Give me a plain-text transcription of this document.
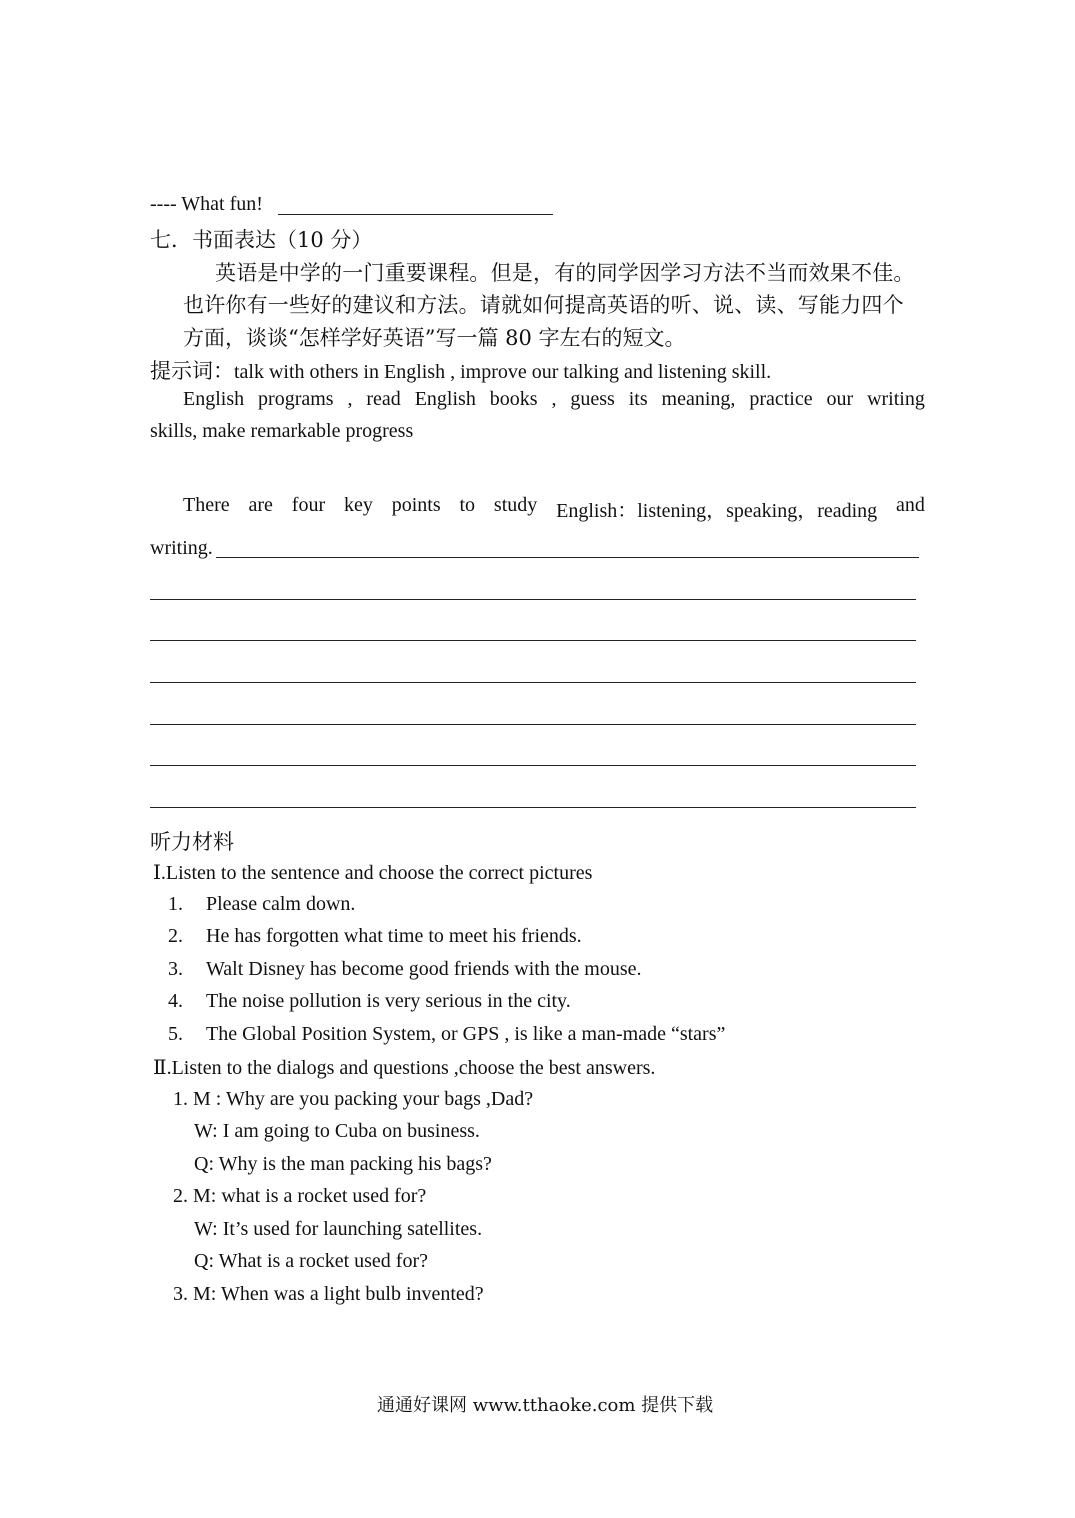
---- What fun!
七．书面表达（10 分）
英语是中学的一门重要课程。但是，有的同学因学习方法不当而效果不佳。
也许你有一些好的建议和方法。请就如何提高英语的听、说、读、写能力四个
方面，谈谈“怎样学好英语”写一篇 80 字左右的短文。
提示词：talk with others in English , improve our talking and listening skill.
English programs , read English books , guess its meaning, practice our writing
skills, make remarkable progress
There are four key points to study English：listening，speaking，reading and
writing.
听力材料
Ⅰ.Listen to the sentence and choose the correct pictures
1. Please calm down.
2. He has forgotten what time to meet his friends.
3. Walt Disney has become good friends with the mouse.
4. The noise pollution is very serious in the city.
5. The Global Position System, or GPS , is like a man-made “stars”
Ⅱ.Listen to the dialogs and questions ,choose the best answers.
1. M : Why are you packing your bags ,Dad?
W: I am going to Cuba on business.
Q: Why is the man packing his bags?
2. M: what is a rocket used for?
W: It’s used for launching satellites.
Q: What is a rocket used for?
3. M: When was a light bulb invented?
通通好课网 www.tthaoke.com 提供下载
